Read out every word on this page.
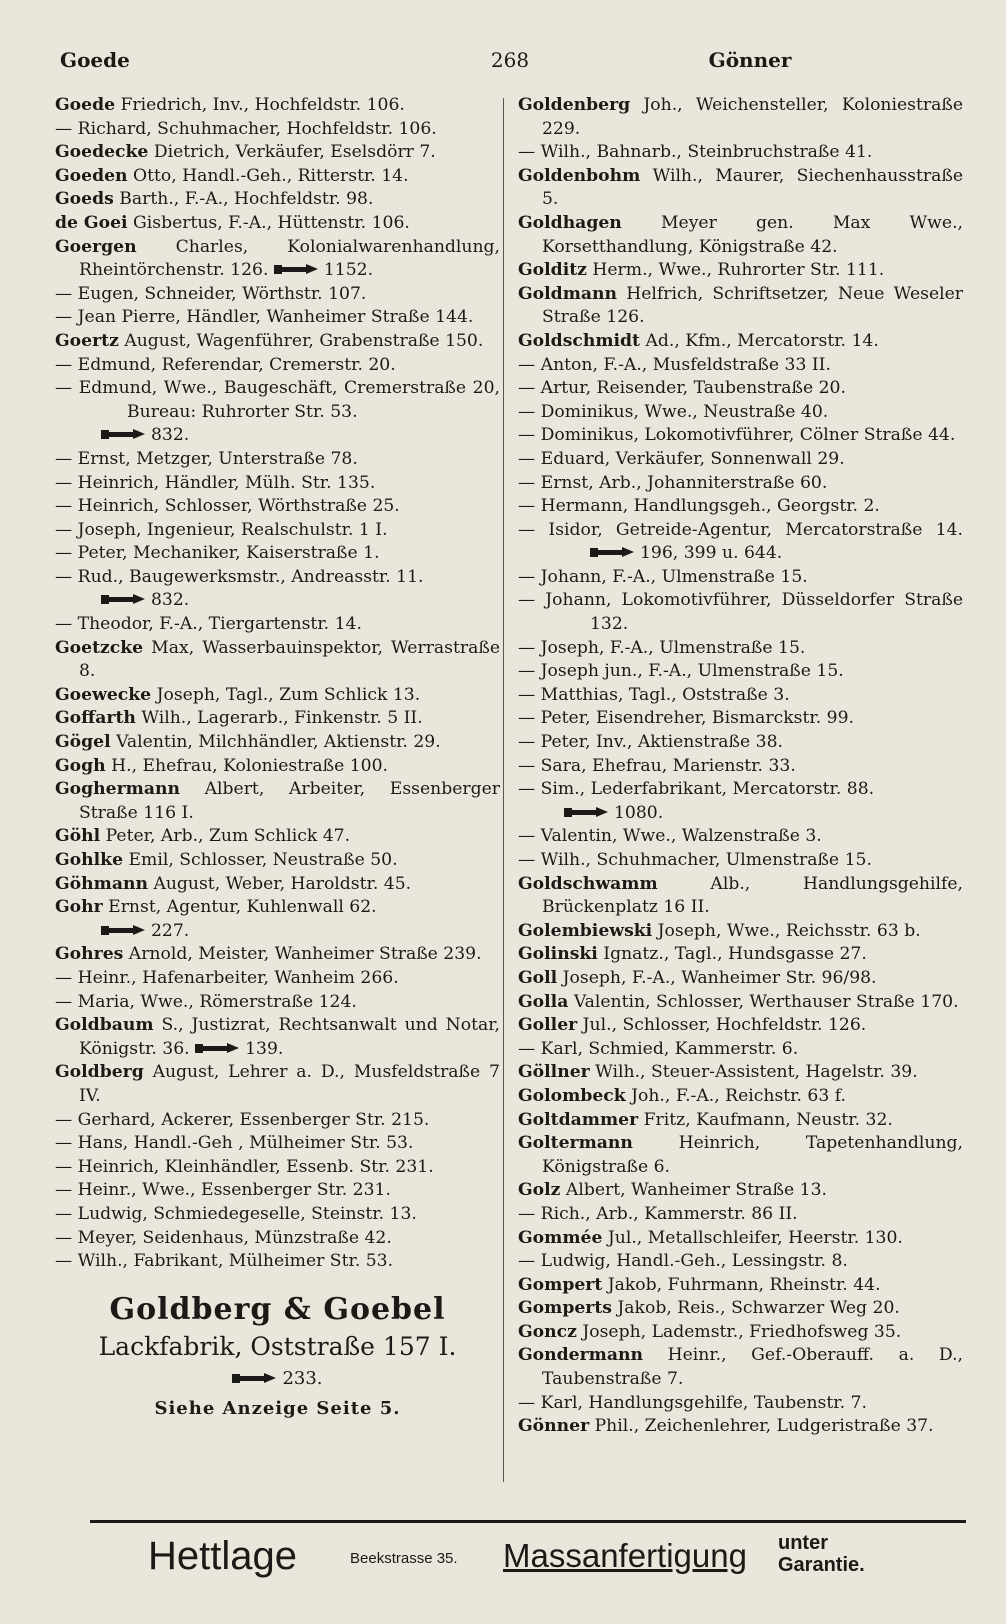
Goede	268	Gönner

Goede Friedrich, Inv., Hochfeldstr. 106.

— Richard, Schuhmacher, Hochfeldstr. 106.

Goedecke Dietrich, Verkäufer, Eselsdörr 7.

Goeden Otto, Handl.-Geh., Ritterstr. 14.

Goeds Barth., F.-A., Hochfeldstr. 98.

de Goei Gisbertus, F.-A., Hüttenstr. 106.

Goergen Charles, Kolonialwarenhandlung, Rheintörchenstr. 126.	1152.

— Eugen, Schneider, Wörthstr. 107.

— Jean Pierre, Händler, Wanheimer Straße 144.

Goertz August, Wagenführer, Grabenstraße 150.

— Edmund, Referendar, Cremerstr. 20.

— Edmund, Wwe., Baugeschäft, Cremerstraße 20, Bureau: Ruhrorter Str. 53.

832.

— Ernst, Metzger, Unterstraße 78.

— Heinrich, Händler, Mülh. Str. 135.

— Heinrich, Schlosser, Wörthstraße 25.

— Joseph, Ingenieur, Realschulstr. 1 I.

— Peter, Mechaniker, Kaiserstraße 1.

— Rud., Baugewerksmstr., Andreasstr. 11.

832.

— Theodor, F.-A., Tiergartenstr. 14.

Goetzcke Max, Wasserbauinspektor, Werrastraße 8.

Goewecke Joseph, Tagl., Zum Schlick 13.

Goffarth Wilh., Lagerarb., Finkenstr. 5 II.

Gögel Valentin, Milchhändler, Aktienstr. 29.

Gogh H., Ehefrau, Koloniestraße 100.

Goghermann Albert, Arbeiter, Essenberger Straße 116 I.

Göhl Peter, Arb., Zum Schlick 47.

Gohlke Emil, Schlosser, Neustraße 50.

Göhmann August, Weber, Haroldstr. 45.

Gohr Ernst, Agentur, Kuhlenwall 62.

227.

Gohres Arnold, Meister, Wanheimer Straße 239.

— Heinr., Hafenarbeiter, Wanheim 266.

— Maria, Wwe., Römerstraße 124.

Goldbaum S., Justizrat, Rechtsanwalt und Notar, Königstr. 36.	139.

Goldberg August, Lehrer a. D., Musfeldstraße 7 IV.

— Gerhard, Ackerer, Essenberger Str. 215.

— Hans, Handl.-Geh , Mülheimer Str. 53.

— Heinrich, Kleinhändler, Essenb. Str. 231.

— Heinr., Wwe., Essenberger Str. 231.

— Ludwig, Schmiedegeselle, Steinstr. 13.

— Meyer, Seidenhaus, Münzstraße 42.

— Wilh., Fabrikant, Mülheimer Str. 53.

Goldberg & Goebel
Lackfabrik, Oststraße 157 I.
233.
Siehe Anzeige Seite 5.

Goldenberg Joh., Weichensteller, Koloniestraße 229.

— Wilh., Bahnarb., Steinbruchstraße 41.

Goldenbohm Wilh., Maurer, Siechenhausstraße 5.

Goldhagen Meyer gen. Max Wwe., Korsetthandlung, Königstraße 42.

Golditz Herm., Wwe., Ruhrorter Str. 111.

Goldmann Helfrich, Schriftsetzer, Neue Weseler Straße 126.

Goldschmidt Ad., Kfm., Mercatorstr. 14.

— Anton, F.-A., Musfeldstraße 33 II.

— Artur, Reisender, Taubenstraße 20.

— Dominikus, Wwe., Neustraße 40.

— Dominikus, Lokomotivführer, Cölner Straße 44.

— Eduard, Verkäufer, Sonnenwall 29.

— Ernst, Arb., Johanniterstraße 60.

— Hermann, Handlungsgeh., Georgstr. 2.

— Isidor, Getreide-Agentur, Mercatorstraße 14. 196, 399 u. 644.

— Johann, F.-A., Ulmenstraße 15.

— Johann, Lokomotivführer, Düsseldorfer Straße 132.

— Joseph, F.-A., Ulmenstraße 15.

— Joseph jun., F.-A., Ulmenstraße 15.

— Matthias, Tagl., Oststraße 3.

— Peter, Eisendreher, Bismarckstr. 99.

— Peter, Inv., Aktienstraße 38.

— Sara, Ehefrau, Marienstr. 33.

— Sim., Lederfabrikant, Mercatorstr. 88.

1080.

— Valentin, Wwe., Walzenstraße 3.

— Wilh., Schuhmacher, Ulmenstraße 15.

Goldschwamm	Alb., Handlungsgehilfe, Brückenplatz 16 II.

Golembiewski Joseph, Wwe., Reichsstr. 63 b.

Golinski Ignatz., Tagl., Hundsgasse 27.

Goll Joseph, F.-A., Wanheimer Str. 96/98.

Golla Valentin, Schlosser, Werthauser Straße 170.

Goller Jul., Schlosser, Hochfeldstr. 126.

— Karl, Schmied, Kammerstr. 6.

Göllner Wilh., Steuer-Assistent, Hagelstr. 39.

Golombeck Joh., F.-A., Reichstr. 63 f.

Goltdammer Fritz, Kaufmann, Neustr. 32.

Goltermann	Heinrich, Tapetenhandlung, Königstraße 6.

Golz Albert, Wanheimer Straße 13.

— Rich., Arb., Kammerstr. 86 II.

Gommée Jul., Metallschleifer, Heerstr. 130.

— Ludwig, Handl.-Geh., Lessingstr. 8.

Gompert Jakob, Fuhrmann, Rheinstr. 44.

Gomperts Jakob, Reis., Schwarzer Weg 20.

Goncz Joseph, Lademstr., Friedhofsweg 35.

Gondermann Heinr., Gef.-Oberauff. a. D., Taubenstraße 7.

— Karl, Handlungsgehilfe, Taubenstr. 7.

Gönner Phil., Zeichenlehrer, Ludgeristraße 37.

Hettlage	Beekstrasse 35. Massanfertigung unter
Garantie.
